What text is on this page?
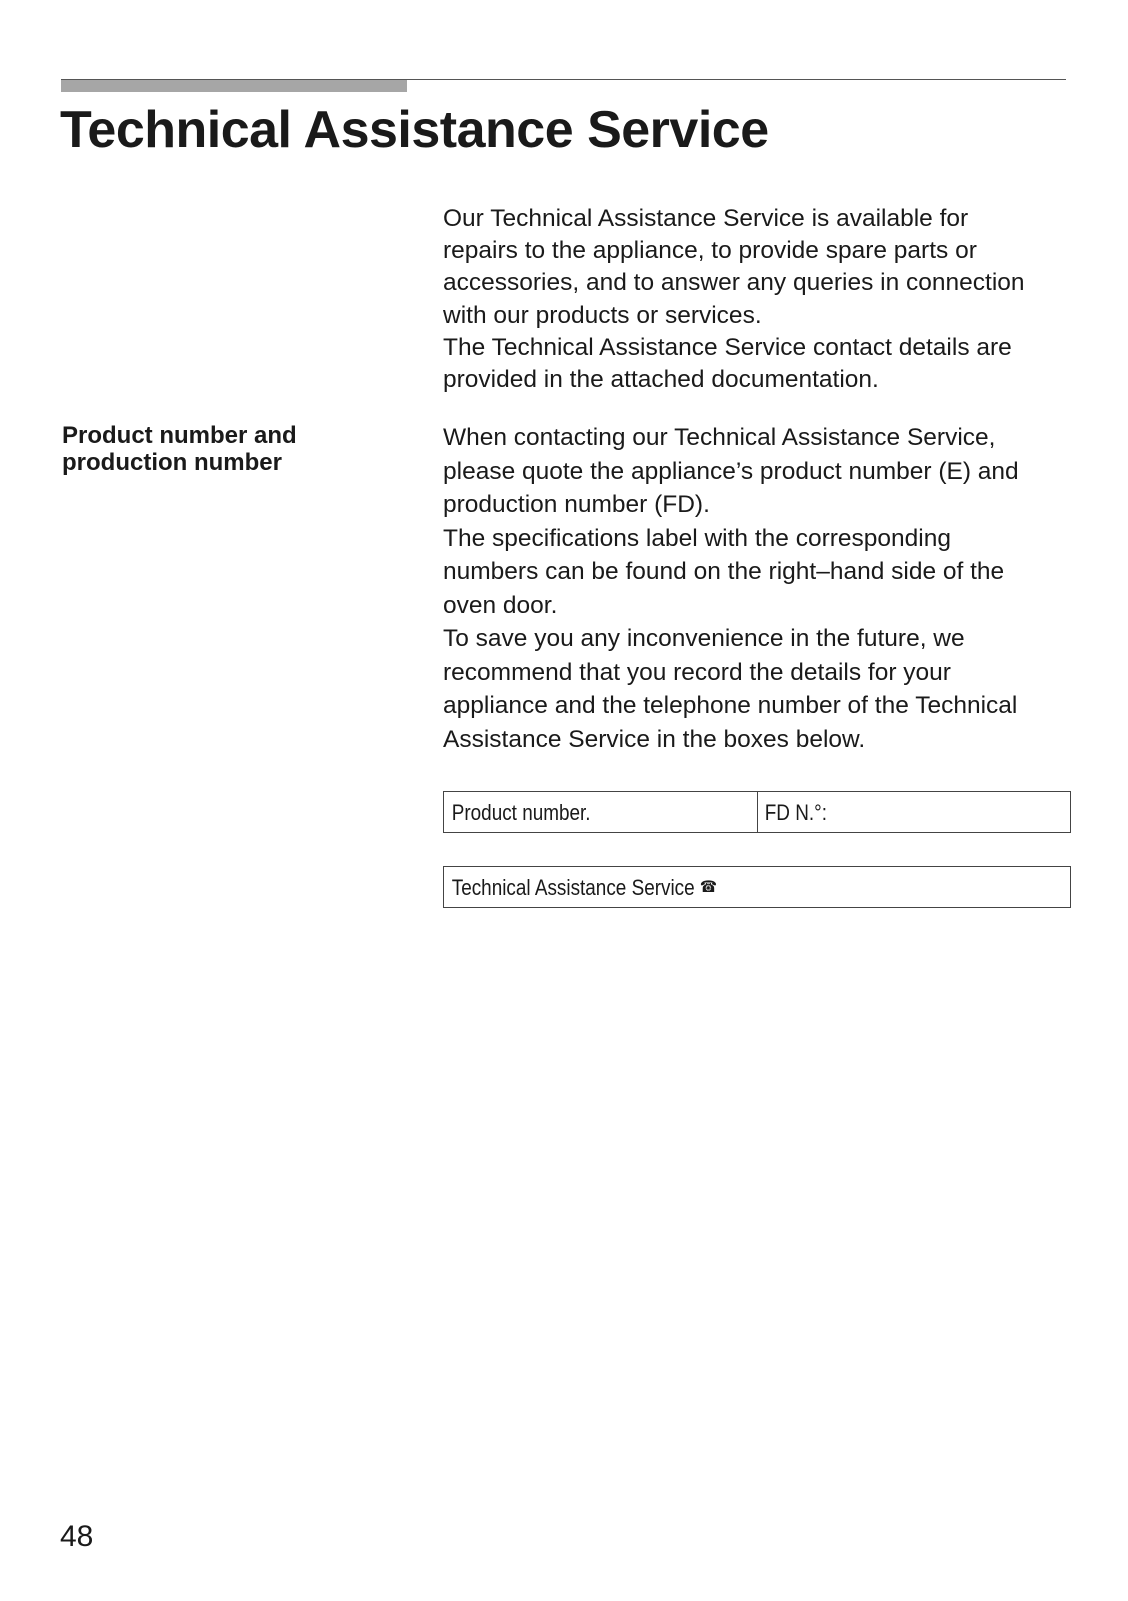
Technical Assistance Service

Our Technical Assistance Service is available for
repairs to the appliance, to provide spare parts or
accessories, and to answer any queries in connection
with our products or services.
The Technical Assistance Service contact details are
provided in the attached documentation.

Product number and
production number

When contacting our Technical Assistance Service,
please quote the appliance’s product number (E) and
production number (FD).
The specifications label with the corresponding
numbers can be found on the right–hand side of the
oven door.
To save you any inconvenience in the future, we
recommend that you record the details for your
appliance and the telephone number of the Technical
Assistance Service in the boxes below.

Product number.	FD N.°:
Technical Assistance Service ☎

48
